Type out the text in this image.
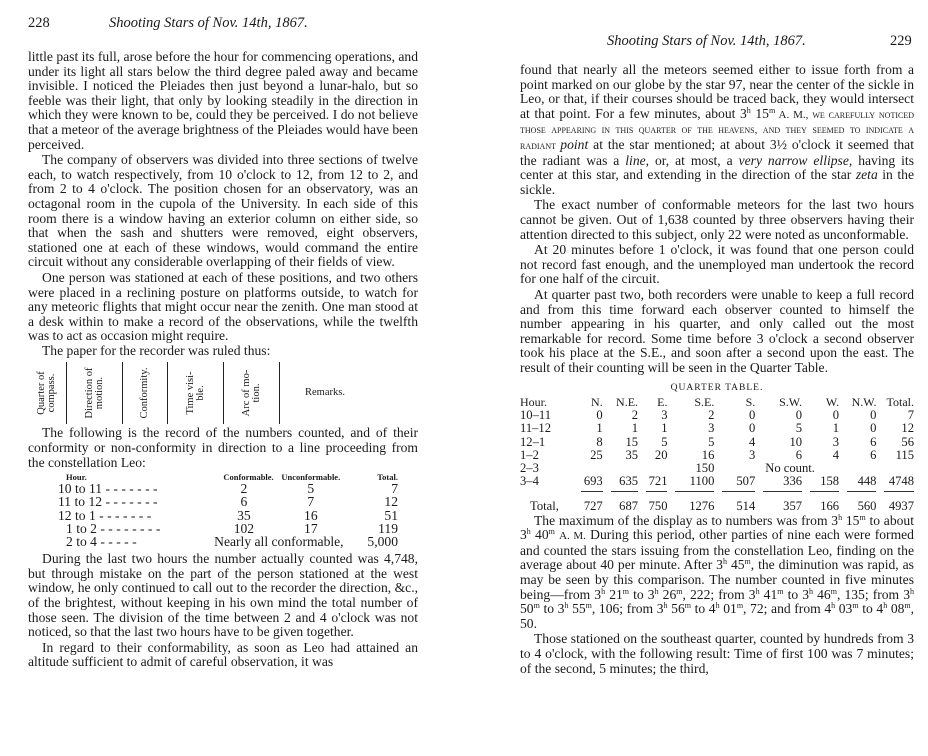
228	Shooting Stars of Nov. 14th, 1867.

little past its full, arose before the hour for commencing operations, and under its light all stars below the third degree paled away and became invisible. I noticed the Pleiades then just beyond a lunar-halo, but so feeble was their light, that only by looking steadily in the direction in which they were known to be, could they be perceived. I do not believe that a meteor of the average brightness of the Pleiades would have been perceived.

The company of observers was divided into three sections of twelve each, to watch respectively, from 10 o'clock to 12, from 12 to 2, and from 2 to 4 o'clock. The position chosen for an observatory, was an octagonal room in the cupola of the University. In each side of this room there is a window having an exterior column on either side, so that when the sash and shutters were removed, eight observers, stationed one at each of these windows, would command the entire circuit without any considerable overlapping of their fields of view.

One person was stationed at each of these positions, and two others were placed in a reclining posture on platforms outside, to watch for any meteoric flights that might occur near the zenith. One man stood at a desk within to make a record of the observations, while the twelfth was to act as occasion might require.

The paper for the recorder was ruled thus:

Quarter of
compass.	Direction of
motion.	Conformity.	Time visi-
ble.	Arc of mo-
tion.	Remarks.

The following is the record of the numbers counted, and of their conformity or non-conformity in direction to a line proceeding from the constellation Leo:

Hour.	Conformable.	Unconformable.	Total.
10 to 11 - - - - - - -	2	5	7
11 to 12 - - - - - - -	6	7	12
12 to 1 - - - - - - -	35	16	51
1 to 2 - - - - - - - -	102	17	119
2 to 4 - - - - -	Nearly all conformable,		5,000

During the last two hours the number actually counted was 4,748, but through mistake on the part of the person stationed at the west window, he only continued to call out to the recorder the direction, &c., of the brightest, without keeping in his own mind the total number of those seen. The division of the time between 2 and 4 o'clock was not noticed, so that the last two hours have to be given together.

In regard to their conformability, as soon as Leo had attained an altitude sufficient to admit of careful observation, it was

Shooting Stars of Nov. 14th, 1867.	229

found that nearly all the meteors seemed either to issue forth from a point marked on our globe by the star 97, near the center of the sickle in Leo, or that, if their courses should be traced back, they would intersect at that point. For a few minutes, about 3$^h$ 15$^m$ A. M., we carefully noticed those appearing in this quarter of the heavens, and they seemed to indicate a radiant point at the star mentioned; at about 3½ o'clock it seemed that the radiant was a line, or, at most, a very narrow ellipse, having its center at this star, and extending in the direction of the star zeta in the sickle.

The exact number of conformable meteors for the last two hours cannot be given. Out of 1,638 counted by three observers having their attention directed to this subject, only 22 were noted as unconformable.

At 20 minutes before 1 o'clock, it was found that one person could not record fast enough, and the unemployed man undertook the record for one half of the circuit.

At quarter past two, both recorders were unable to keep a full record and from this time forward each observer counted to himself the number appearing in his quarter, and only called out the most remarkable for record. Some time before 3 o'clock a second observer took his place at the S.E., and soon after a second upon the east. The result of their counting will be seen in the Quarter Table.

QUARTER TABLE.
Hour.	N.	N.E.	E.	S.E.	S.	S.W.	W.	N.W.	Total.
10–11	0	2	3	2	0	0	0	0	7
11–12	1	1	1	3	0	5	1	0	12
12–1	8	15	5	5	4	10	3	6	56
1–2	25	35	20	16	3	6	4	6	115
2–3				150		No count.			
3–4	693	635	721	1100	507	336	158	448	4748

Total,	727	687	750	1276	514	357	166	560	4937

The maximum of the display as to numbers was from 3$^h$ 15$^m$ to about 3$^h$ 40$^m$ A. M. During this period, other parties of nine each were formed and counted the stars issuing from the constellation Leo, finding on the average about 40 per minute. After 3$^h$ 45$^m$, the diminution was rapid, as may be seen by this comparison. The number counted in five minutes being—from 3$^h$ 21$^m$ to 3$^h$ 26$^m$, 222; from 3$^h$ 41$^m$ to 3$^h$ 46$^m$, 135; from 3$^h$ 50$^m$ to 3$^h$ 55$^m$, 106; from 3$^h$ 56$^m$ to 4$^h$ 01$^m$, 72; and from 4$^h$ 03$^m$ to 4$^h$ 08$^m$, 50.

Those stationed on the southeast quarter, counted by hundreds from 3 to 4 o'clock, with the following result: Time of first 100 was 7 minutes; of the second, 5 minutes; the third,
